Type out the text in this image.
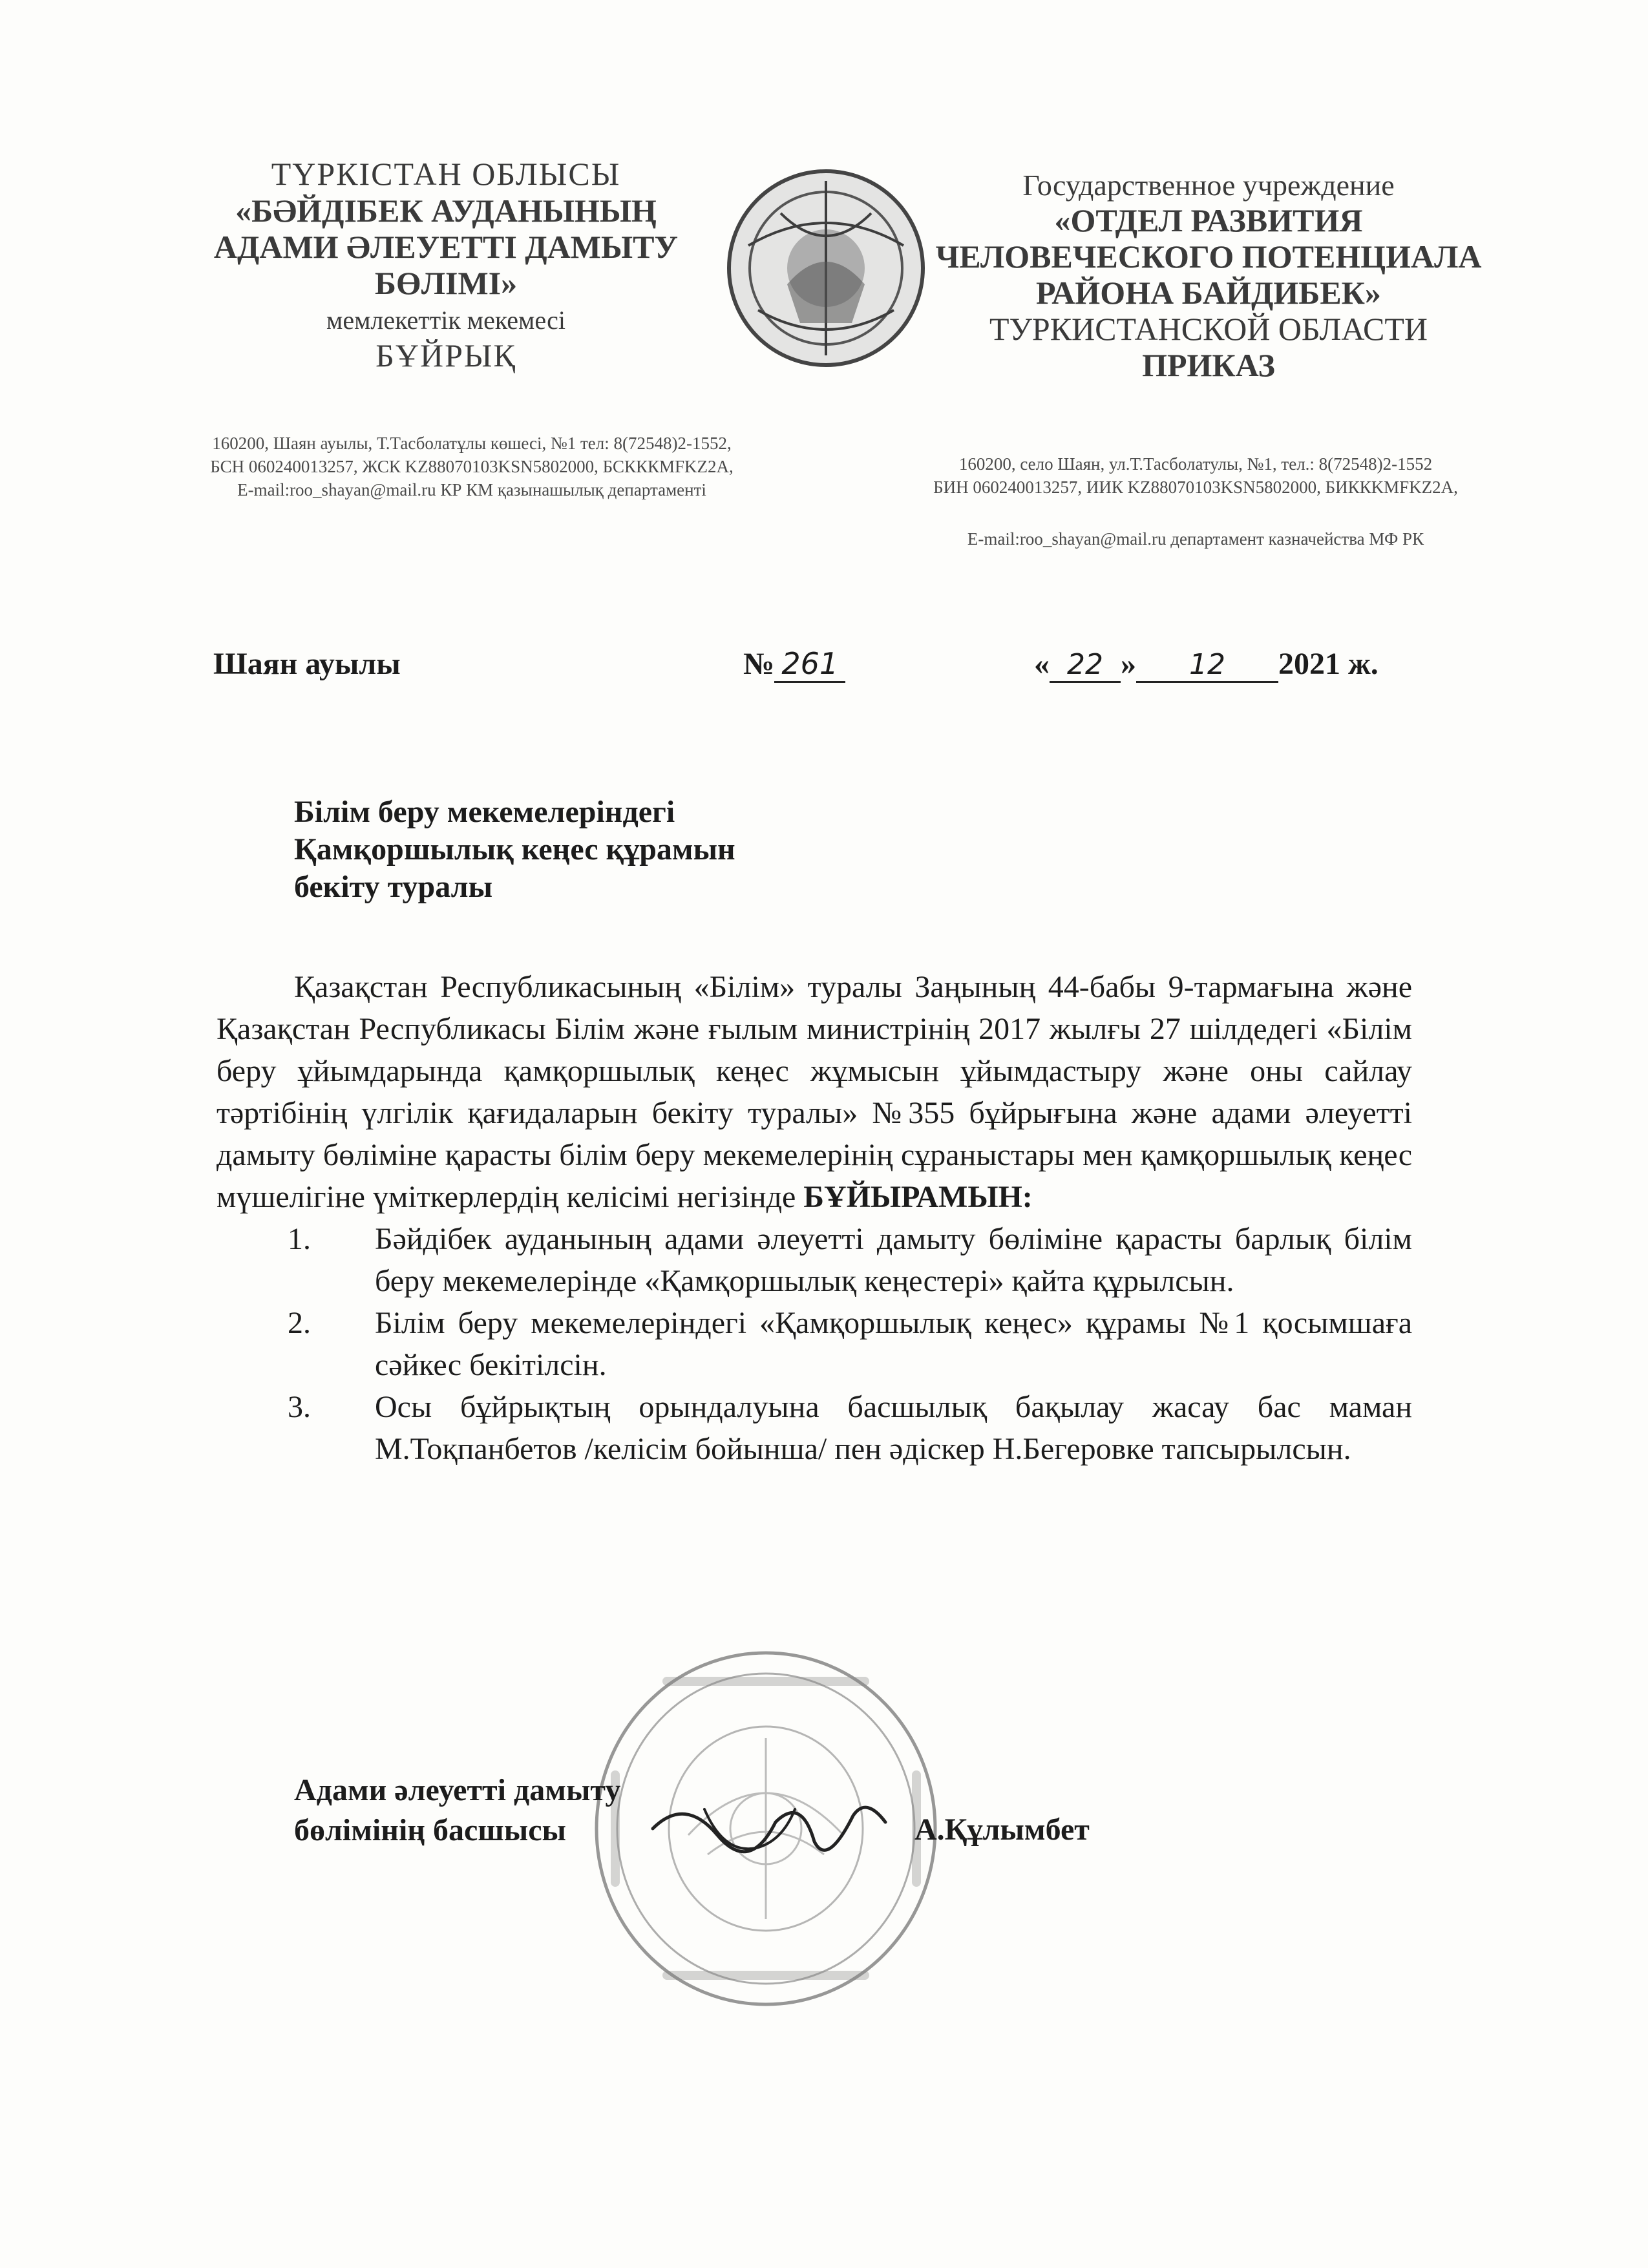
ТҮРКІСТАН ОБЛЫСЫ
«БӘЙДІБЕК АУДАНЫНЫҢ
АДАМИ ӘЛЕУЕТТІ ДАМЫТУ
БӨЛІМІ»
мемлекеттік мекемесі
БҰЙРЫҚ
Государственное учреждение
«ОТДЕЛ РАЗВИТИЯ
ЧЕЛОВЕЧЕСКОГО ПОТЕНЦИАЛА
РАЙОНА БАЙДИБЕК»
ТУРКИСТАНСКОЙ ОБЛАСТИ
ПРИКАЗ
160200, Шаян ауылы, Т.Тасболатұлы көшесі, №1 тел: 8(72548)2-1552,
БСН 060240013257, ЖСК KZ88070103KSN5802000, БСКККМFKZ2A,
E-mail:roo_shayan@mail.ru КР КМ қазынашылық департаменті
160200, село Шаян, ул.Т.Тасболатулы, №1, тел.: 8(72548)2-1552
БИН 060240013257, ИИК KZ88070103KSN5802000, БИККKMFKZ2A,
E-mail:roo_shayan@mail.ru департамент казначейства МФ РК
Шаян ауылы	№ 261	« 22 » 12 2021 ж.
Білім беру мекемелеріндегі
Қамқоршылық кеңес құрамын
бекіту туралы

Қазақстан Республикасының «Білім» туралы Заңының 44-бабы 9-тармағына және Қазақстан Республикасы Білім және ғылым министрінің 2017 жылғы 27 шілдедегі «Білім беру ұйымдарында қамқоршылық кеңес жұмысын ұйымдастыру және оны сайлау тәртібінің үлгілік қағидаларын бекіту туралы» №355 бұйрығына және адами әлеуетті дамыту бөліміне қарасты білім беру мекемелерінің сұраныстары мен қамқоршылық кеңес мүшелігіне үміткерлердің келісімі негізінде БҰЙЫРАМЫН:

1.	Бәйдібек ауданының адами әлеуетті дамыту бөліміне қарасты барлық білім беру мекемелерінде «Қамқоршылық кеңестері» қайта құрылсын.
2.	Білім беру мекемелеріндегі «Қамқоршылық кеңес» құрамы №1 қосымшаға сәйкес бекітілсін.
3.	Осы бұйрықтың орындалуына басшылық бақылау жасау бас маман М.Тоқпанбетов /келісім бойынша/ пен әдіскер Н.Бегеровке тапсырылсын.
Адами әлеуетті дамыту
бөлімінің басшысы	А.Құлымбет
